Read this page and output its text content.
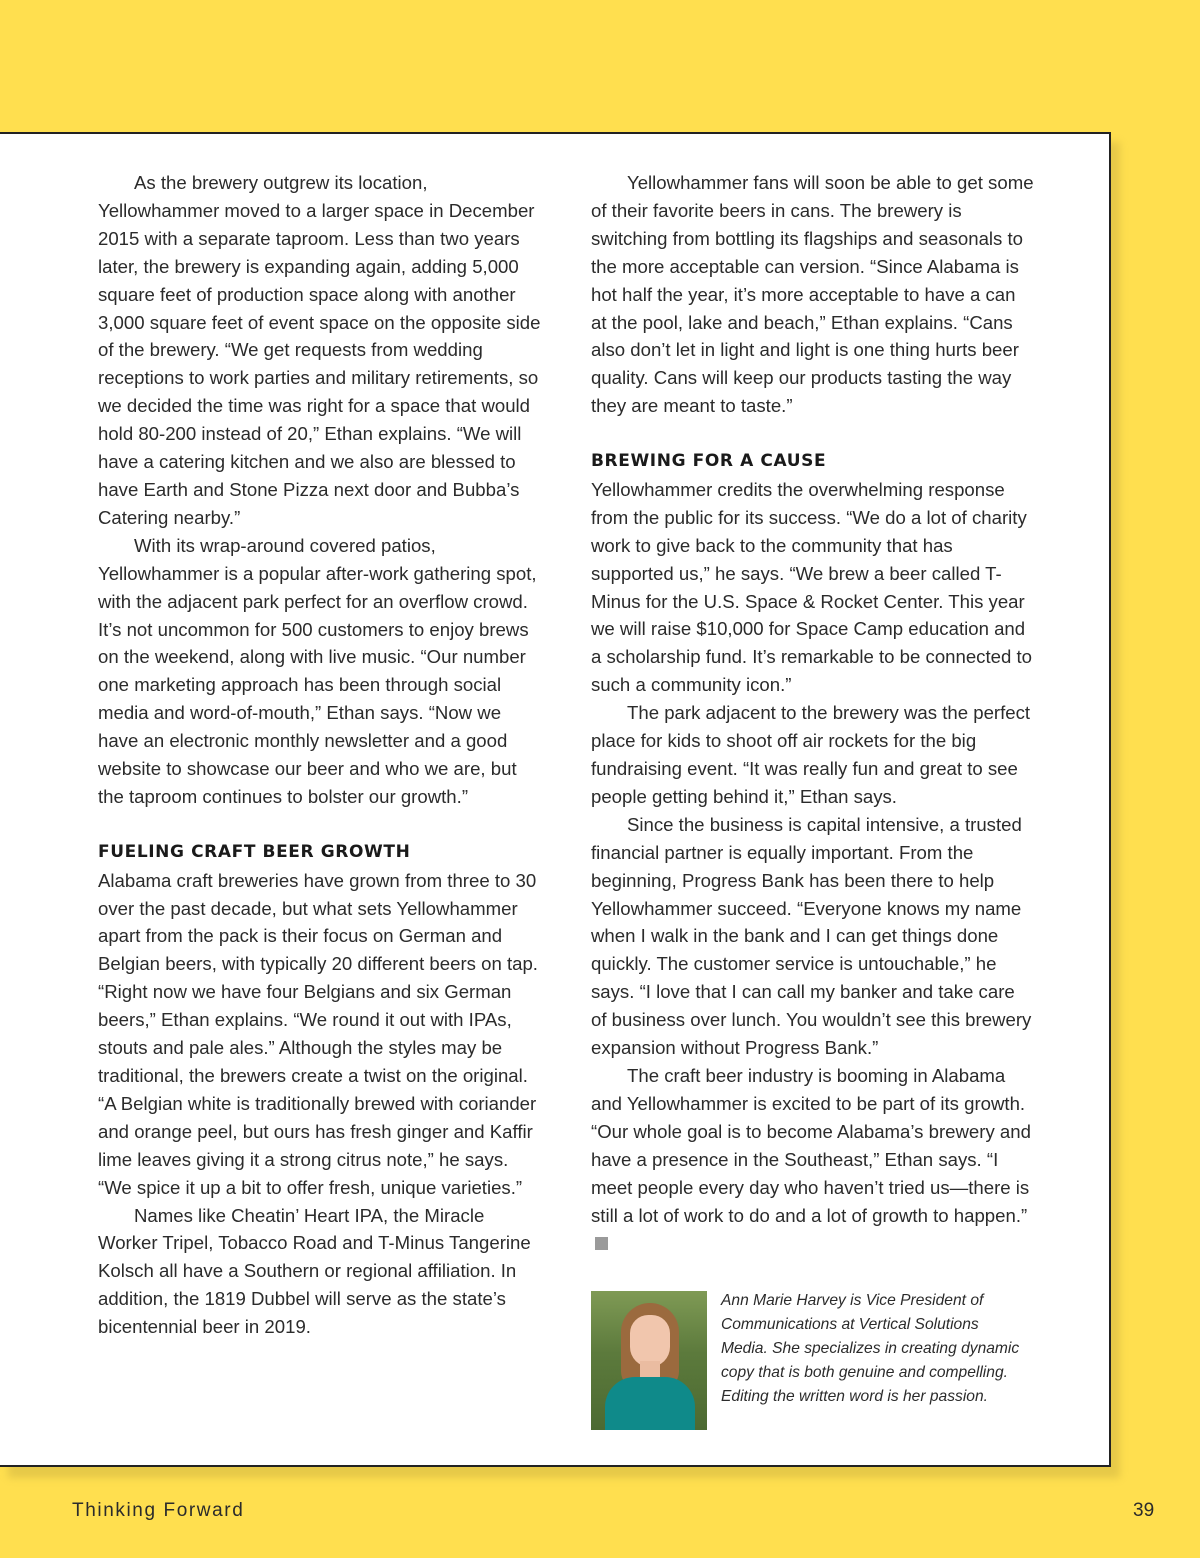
As the brewery outgrew its location, Yellowhammer moved to a larger space in December 2015 with a separate taproom. Less than two years later, the brewery is expanding again, adding 5,000 square feet of production space along with another 3,000 square feet of event space on the opposite side of the brewery. “We get requests from wedding receptions to work parties and military retirements, so we decided the time was right for a space that would hold 80-200 instead of 20,” Ethan explains. “We will have a catering kitchen and we also are blessed to have Earth and Stone Pizza next door and Bubba’s Catering nearby.”

With its wrap-around covered patios, Yellowhammer is a popular after-work gathering spot, with the adjacent park perfect for an overflow crowd. It’s not uncommon for 500 customers to enjoy brews on the weekend, along with live music. “Our number one marketing approach has been through social media and word-of-mouth,” Ethan says. “Now we have an electronic monthly newsletter and a good website to showcase our beer and who we are, but the taproom continues to bolster our growth.”

FUELING CRAFT BEER GROWTH

Alabama craft breweries have grown from three to 30 over the past decade, but what sets Yellowhammer apart from the pack is their focus on German and Belgian beers, with typically 20 different beers on tap. “Right now we have four Belgians and six German beers,” Ethan explains. “We round it out with IPAs, stouts and pale ales.” Although the styles may be traditional, the brewers create a twist on the original. “A Belgian white is traditionally brewed with coriander and orange peel, but ours has fresh ginger and Kaffir lime leaves giving it a strong citrus note,” he says. “We spice it up a bit to offer fresh, unique varieties.”

Names like Cheatin’ Heart IPA, the Miracle Worker Tripel, Tobacco Road and T-Minus Tangerine Kolsch all have a Southern or regional affiliation. In addition, the 1819 Dubbel will serve as the state’s bicentennial beer in 2019.

Yellowhammer fans will soon be able to get some of their favorite beers in cans. The brewery is switching from bottling its flagships and seasonals to the more acceptable can version. “Since Alabama is hot half the year, it’s more acceptable to have a can at the pool, lake and beach,” Ethan explains. “Cans also don’t let in light and light is one thing hurts beer quality. Cans will keep our products tasting the way they are meant to taste.”

BREWING FOR A CAUSE

Yellowhammer credits the overwhelming response from the public for its success. “We do a lot of charity work to give back to the community that has supported us,” he says. “We brew a beer called T-Minus for the U.S. Space & Rocket Center. This year we will raise $10,000 for Space Camp education and a scholarship fund. It’s remarkable to be connected to such a community icon.”

The park adjacent to the brewery was the perfect place for kids to shoot off air rockets for the big fundraising event. “It was really fun and great to see people getting behind it,” Ethan says.

Since the business is capital intensive, a trusted financial partner is equally important. From the beginning, Progress Bank has been there to help Yellowhammer succeed. “Everyone knows my name when I walk in the bank and I can get things done quickly. The customer service is untouchable,” he says. “I love that I can call my banker and take care of business over lunch. You wouldn’t see this brewery expansion without Progress Bank.”

The craft beer industry is booming in Alabama and Yellowhammer is excited to be part of its growth. “Our whole goal is to become Alabama’s brewery and have a presence in the Southeast,” Ethan says. “I meet people every day who haven’t tried us—there is still a lot of work to do and a lot of growth to happen.”

Ann Marie Harvey is Vice President of Communications at Vertical Solutions Media. She specializes in creating dynamic copy that is both genuine and compelling. Editing the written word is her passion.
Thinking Forward	39
